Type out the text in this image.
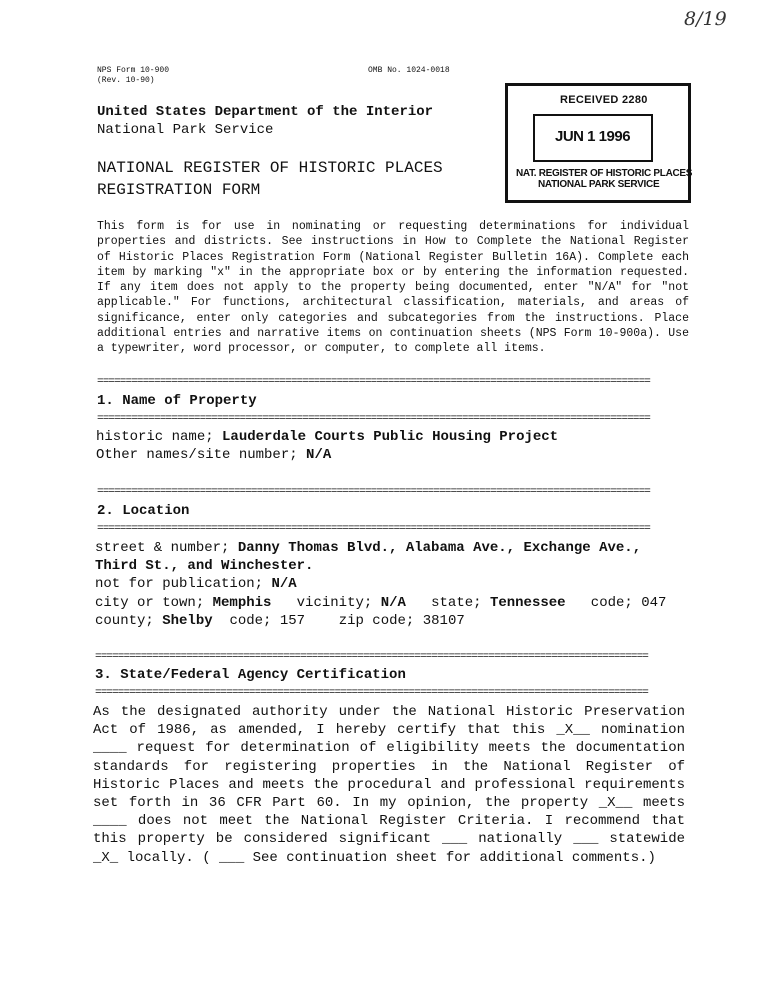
8/19
NPS Form 10-900
(Rev. 10-90)
OMB No. 1024-0018
RECEIVED 2280
JUN 1 1996
NAT. REGISTER OF HISTORIC PLACES
NATIONAL PARK SERVICE
United States Department of the Interior
National Park Service
NATIONAL REGISTER OF HISTORIC PLACES
REGISTRATION FORM
This form is for use in nominating or requesting determinations for individual properties and districts. See instructions in How to Complete the National Register of Historic Places Registration Form (National Register Bulletin 16A). Complete each item by marking "x" in the appropriate box or by entering the information requested. If any item does not apply to the property being documented, enter "N/A" for "not applicable." For functions, architectural classification, materials, and areas of significance, enter only categories and subcategories from the instructions. Place additional entries and narrative items on continuation sheets (NPS Form 10-900a). Use a typewriter, word processor, or computer, to complete all items.
=================================================================================================
1. Name of Property
=================================================================================================
historic name; Lauderdale Courts Public Housing Project
Other names/site number; N/A
=================================================================================================
2. Location
=================================================================================================
street & number; Danny Thomas Blvd., Alabama Ave., Exchange Ave.,
Third St., and Winchester.
not for publication; N/A
city or town; Memphis vicinity; N/A state; Tennessee code; 047
county; Shelby code; 157 zip code; 38107
=================================================================================================
3. State/Federal Agency Certification
=================================================================================================
As the designated authority under the National Historic Preservation Act of 1986, as amended, I hereby certify that this _X__ nomination ____ request for determination of eligibility meets the documentation standards for registering properties in the National Register of Historic Places and meets the procedural and professional requirements set forth in 36 CFR Part 60. In my opinion, the property _X__ meets ____ does not meet the National Register Criteria. I recommend that this property be considered significant ___ nationally ___ statewide _X_ locally. ( ___ See continuation sheet for additional comments.)
